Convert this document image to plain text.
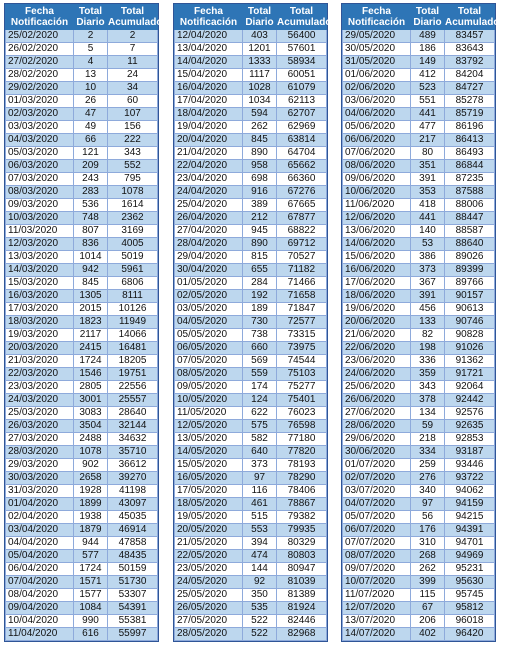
Fecha Notificación	Total Diario	Total Acumulado
25/02/2020	2	2
26/02/2020	5	7
27/02/2020	4	11
28/02/2020	13	24
29/02/2020	10	34
01/03/2020	26	60
02/03/2020	47	107
03/03/2020	49	156
04/03/2020	66	222
05/03/2020	121	343
06/03/2020	209	552
07/03/2020	243	795
08/03/2020	283	1078
09/03/2020	536	1614
10/03/2020	748	2362
11/03/2020	807	3169
12/03/2020	836	4005
13/03/2020	1014	5019
14/03/2020	942	5961
15/03/2020	845	6806
16/03/2020	1305	8111
17/03/2020	2015	10126
18/03/2020	1823	11949
19/03/2020	2117	14066
20/03/2020	2415	16481
21/03/2020	1724	18205
22/03/2020	1546	19751
23/03/2020	2805	22556
24/03/2020	3001	25557
25/03/2020	3083	28640
26/03/2020	3504	32144
27/03/2020	2488	34632
28/03/2020	1078	35710
29/03/2020	902	36612
30/03/2020	2658	39270
31/03/2020	1928	41198
01/04/2020	1899	43097
02/04/2020	1938	45035
03/04/2020	1879	46914
04/04/2020	944	47858
05/04/2020	577	48435
06/04/2020	1724	50159
07/04/2020	1571	51730
08/04/2020	1577	53307
09/04/2020	1084	54391
10/04/2020	990	55381
11/04/2020	616	55997
Fecha Notificación	Total Diario	Total Acumulado
12/04/2020	403	56400
13/04/2020	1201	57601
14/04/2020	1333	58934
15/04/2020	1117	60051
16/04/2020	1028	61079
17/04/2020	1034	62113
18/04/2020	594	62707
19/04/2020	262	62969
20/04/2020	845	63814
21/04/2020	890	64704
22/04/2020	958	65662
23/04/2020	698	66360
24/04/2020	916	67276
25/04/2020	389	67665
26/04/2020	212	67877
27/04/2020	945	68822
28/04/2020	890	69712
29/04/2020	815	70527
30/04/2020	655	71182
01/05/2020	284	71466
02/05/2020	192	71658
03/05/2020	189	71847
04/05/2020	730	72577
05/05/2020	738	73315
06/05/2020	660	73975
07/05/2020	569	74544
08/05/2020	559	75103
09/05/2020	174	75277
10/05/2020	124	75401
11/05/2020	622	76023
12/05/2020	575	76598
13/05/2020	582	77180
14/05/2020	640	77820
15/05/2020	373	78193
16/05/2020	97	78290
17/05/2020	116	78406
18/05/2020	461	78867
19/05/2020	515	79382
20/05/2020	553	79935
21/05/2020	394	80329
22/05/2020	474	80803
23/05/2020	144	80947
24/05/2020	92	81039
25/05/2020	350	81389
26/05/2020	535	81924
27/05/2020	522	82446
28/05/2020	522	82968
Fecha Notificación	Total Diario	Total Acumulado
29/05/2020	489	83457
30/05/2020	186	83643
31/05/2020	149	83792
01/06/2020	412	84204
02/06/2020	523	84727
03/06/2020	551	85278
04/06/2020	441	85719
05/06/2020	477	86196
06/06/2020	217	86413
07/06/2020	80	86493
08/06/2020	351	86844
09/06/2020	391	87235
10/06/2020	353	87588
11/06/2020	418	88006
12/06/2020	441	88447
13/06/2020	140	88587
14/06/2020	53	88640
15/06/2020	386	89026
16/06/2020	373	89399
17/06/2020	367	89766
18/06/2020	391	90157
19/06/2020	456	90613
20/06/2020	133	90746
21/06/2020	82	90828
22/06/2020	198	91026
23/06/2020	336	91362
24/06/2020	359	91721
25/06/2020	343	92064
26/06/2020	378	92442
27/06/2020	134	92576
28/06/2020	59	92635
29/06/2020	218	92853
30/06/2020	334	93187
01/07/2020	259	93446
02/07/2020	276	93722
03/07/2020	340	94062
04/07/2020	97	94159
05/07/2020	56	94215
06/07/2020	176	94391
07/07/2020	310	94701
08/07/2020	268	94969
09/07/2020	262	95231
10/07/2020	399	95630
11/07/2020	115	95745
12/07/2020	67	95812
13/07/2020	206	96018
14/07/2020	402	96420
